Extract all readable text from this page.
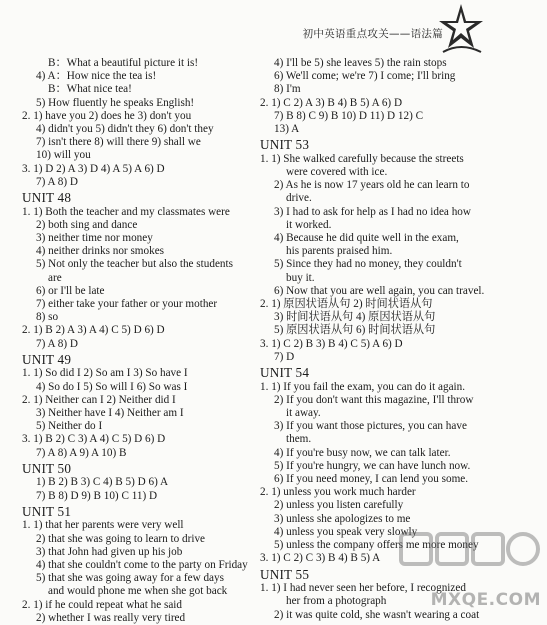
初中英语重点攻关——语法篇
B：What a beautiful picture it is!
4) A：How nice the tea is!
B：What nice tea!
5) How fluently he speaks English!
2. 1) have you 2) does he 3) don't you
4) didn't you 5) didn't they 6) don't they
7) isn't there 8) will there 9) shall we
10) will you
3. 1) D 2) A 3) D 4) A 5) A 6) D
7) A 8) D
UNIT 48
1. 1) Both the teacher and my classmates were
2) both sing and dance
3) neither time nor money
4) neither drinks nor smokes
5) Not only the teacher but also the students
are
6) or I'll be late
7) either take your father or your mother
8) so
2. 1) B 2) A 3) A 4) C 5) D 6) D
7) A 8) D
UNIT 49
1. 1) So did I 2) So am I 3) So have I
4) So do I 5) So will I 6) So was I
2. 1) Neither can I 2) Neither did I
3) Neither have I 4) Neither am I
5) Neither do I
3. 1) B 2) C 3) A 4) C 5) D 6) D
7) A 8) A 9) A 10) B
UNIT 50
1) B 2) B 3) C 4) B 5) D 6) A
7) B 8) D 9) B 10) C 11) D
UNIT 51
1. 1) that her parents were very well
2) that she was going to learn to drive
3) that John had given up his job
4) that she couldn't come to the party on Friday
5) that she was going away for a few days
and would phone me when she got back
2. 1) if he could repeat what he said
2) whether I was really very tired
4) I'll be 5) she leaves 5) the rain stops
6) We'll come; we're 7) I come; I'll bring
8) I'm
2. 1) C 2) A 3) B 4) B 5) A 6) D
7) B 8) C 9) B 10) D 11) D 12) C
13) A
UNIT 53
1. 1) She walked carefully because the streets
were covered with ice.
2) As he is now 17 years old he can learn to
drive.
3) I had to ask for help as I had no idea how
it worked.
4) Because he did quite well in the exam,
his parents praised him.
5) Since they had no money, they couldn't
buy it.
6) Now that you are well again, you can travel.
2. 1) 原因状语从句 2) 时间状语从句
3) 时间状语从句 4) 原因状语从句
5) 原因状语从句 6) 时间状语从句
3. 1) C 2) B 3) B 4) C 5) A 6) D
7) D
UNIT 54
1. 1) If you fail the exam, you can do it again.
2) If you don't want this magazine, I'll throw
it away.
3) If you want those pictures, you can have
them.
4) If you're busy now, we can talk later.
5) If you're hungry, we can have lunch now.
6) If you need money, I can lend you some.
2. 1) unless you work much harder
2) unless you listen carefully
3) unless she apologizes to me
4) unless you speak very slowly
5) unless the company offers me more money
3. 1) C 2) C 3) B 4) B 5) A
UNIT 55
1. 1) I had never seen her before, I recognized
her from a photograph
2) it was quite cold, she wasn't wearing a coat
MXQE.COM
